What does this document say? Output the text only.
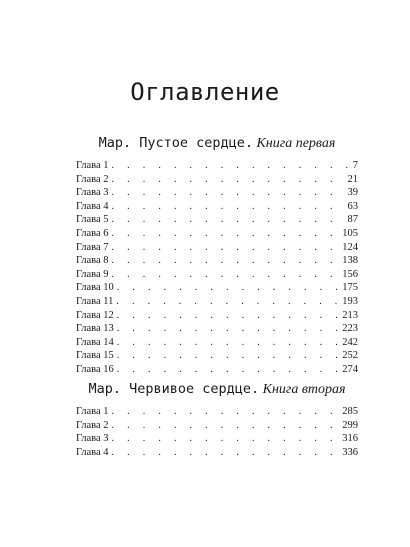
Оглавление
Мар. Пустое сердце. Книга первая
Глава 1 . . .	7
Глава 2 . . .	21
Глава 3 . . .	39
Глава 4 . . .	63
Глава 5 . . .	87
Глава 6 . . .	105
Глава 7 . . .	124
Глава 8 . . .	138
Глава 9 . . .	156
Глава 10 . . .	175
Глава 11 . . .	193
Глава 12 . . .	213
Глава 13 . . .	223
Глава 14 . . .	242
Глава 15 . . .	252
Глава 16 . . .	274
Мар. Червивое сердце. Книга вторая
Глава 1 . . .	285
Глава 2 . . .	299
Глава 3 . . .	316
Глава 4 . . .	336
